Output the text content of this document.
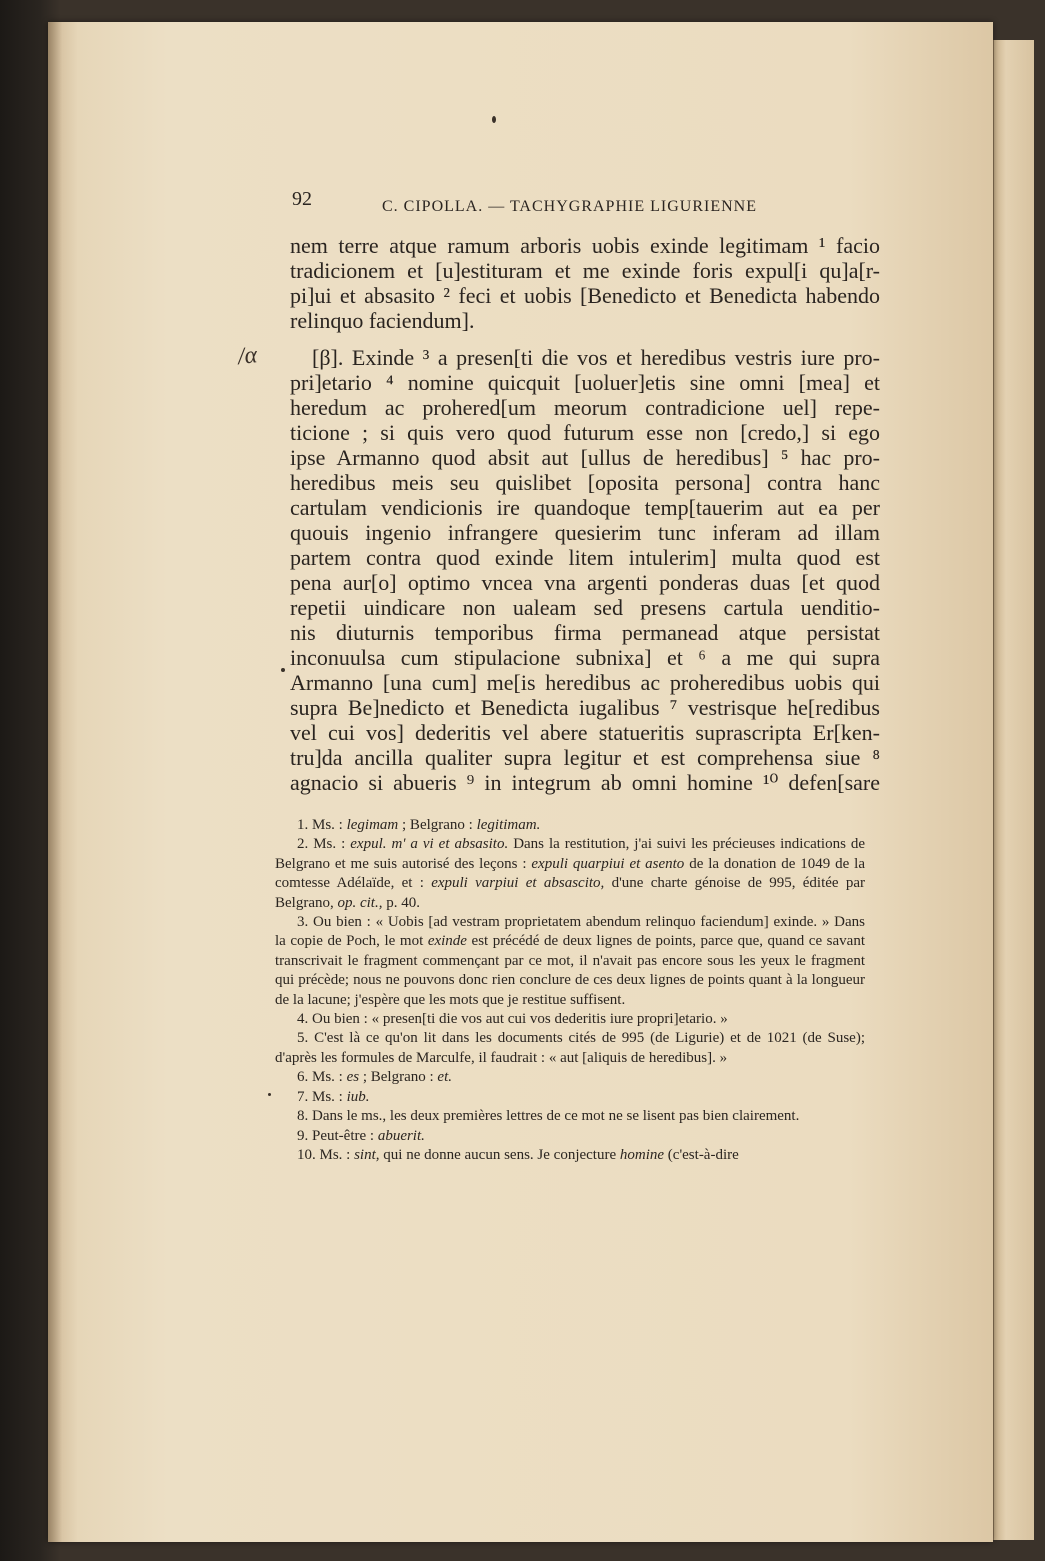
92	C. CIPOLLA. — TACHYGRAPHIE LIGURIENNE
/α

nem terre atque ramum arboris uobis exinde legitimam ¹ facio
tradicionem et [u]estituram et me exinde foris expul[i qu]a[r-
pi]ui et absasito ² feci et uobis [Benedicto et Benedicta habendo
relinquo faciendum].

[β]. Exinde ³ a presen[ti die vos et heredibus vestris iure pro-
pri]etario ⁴ nomine quicquit [uoluer]etis sine omni [mea] et
heredum ac prohered[um meorum contradicione uel] repe-
ticione ; si quis vero quod futurum esse non [credo,] si ego
ipse Armanno quod absit aut [ullus de heredibus] ⁵ hac pro-
heredibus meis seu quislibet [oposita persona] contra hanc
cartulam vendicionis ire quandoque temp[tauerim aut ea per
quouis ingenio infrangere quesierim tunc inferam ad illam
partem contra quod exinde litem intulerim] multa quod est
pena aur[o] optimo vncea vna argenti ponderas duas [et quod
repetii uindicare non ualeam sed presens cartula uenditio-
nis diuturnis temporibus firma permanead atque persistat
inconuulsa cum stipulacione subnixa] et ⁶ a me qui supra
Armanno [una cum] me[is heredibus ac proheredibus uobis qui
supra Be]nedicto et Benedicta iugalibus ⁷ vestrisque he[redibus
vel cui vos] dederitis vel abere statueritis suprascripta Er[ken-
tru]da ancilla qualiter supra legitur et est comprehensa siue ⁸
agnacio si abueris ⁹ in integrum ab omni homine ¹⁰ defen[sare

1. Ms. : legimam ; Belgrano : legitimam.

2. Ms. : expul. m' a vi et absasito. Dans la restitution, j'ai suivi les précieuses indications de Belgrano et me suis autorisé des leçons : expuli quarpiui et asento de la donation de 1049 de la comtesse Adélaïde, et : expuli varpiui et absascito, d'une charte génoise de 995, éditée par Belgrano, op. cit., p. 40.

3. Ou bien : « Uobis [ad vestram proprietatem abendum relinquo faciendum] exinde. » Dans la copie de Poch, le mot exinde est précédé de deux lignes de points, parce que, quand ce savant transcrivait le fragment commençant par ce mot, il n'avait pas encore sous les yeux le fragment qui précède; nous ne pouvons donc rien conclure de ces deux lignes de points quant à la longueur de la lacune; j'espère que les mots que je restitue suffisent.

4. Ou bien : « presen[ti die vos aut cui vos dederitis iure propri]etario. »

5. C'est là ce qu'on lit dans les documents cités de 995 (de Ligurie) et de 1021 (de Suse); d'après les formules de Marculfe, il faudrait : « aut [aliquis de heredibus]. »

6. Ms. : es ; Belgrano : et.

7. Ms. : iub.

8. Dans le ms., les deux premières lettres de ce mot ne se lisent pas bien clairement.

9. Peut-être : abuerit.

10. Ms. : sint, qui ne donne aucun sens. Je conjecture homine (c'est-à-dire
